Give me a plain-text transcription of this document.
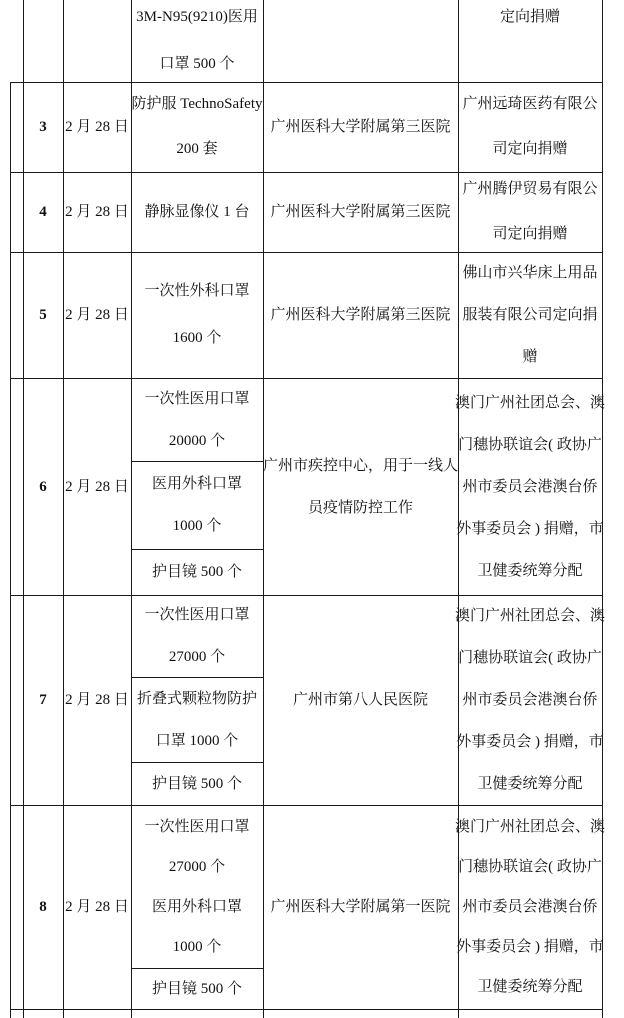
3M-N95(9210)医用
口罩 500 个
定向捐赠
3 2 月 28 日
防护服 TechnoSafety
200 套
广州医科大学附属第三医院
广州远琦医药有限公
司定向捐赠
4 2 月 28 日 静脉显像仪 1 台 广州医科大学附属第三医院
广州腾伊贸易有限公
司定向捐赠
5 2 月 28 日
一次性外科口罩
1600 个
广州医科大学附属第三医院
佛山市兴华床上用品
服装有限公司定向捐
赠
6 2 月 28 日
一次性医用口罩
20000 个
医用外科口罩
1000 个
护目镜 500 个
广州市疾控中心，用于一线人
员疫情防控工作
澳门广州社团总会、澳
门穗协联谊会( 政协广
州市委员会港澳台侨
外事委员会 ) 捐赠，市
卫健委统筹分配
7 2 月 28 日
一次性医用口罩
27000 个
折叠式颗粒物防护
口罩 1000 个
护目镜 500 个
广州市第八人民医院
澳门广州社团总会、澳
门穗协联谊会( 政协广
州市委员会港澳台侨
外事委员会 ) 捐赠，市
卫健委统筹分配
8 2 月 28 日
一次性医用口罩
27000 个
医用外科口罩
1000 个
护目镜 500 个
广州医科大学附属第一医院
澳门广州社团总会、澳
门穗协联谊会( 政协广
州市委员会港澳台侨
外事委员会 ) 捐赠，市
卫健委统筹分配
